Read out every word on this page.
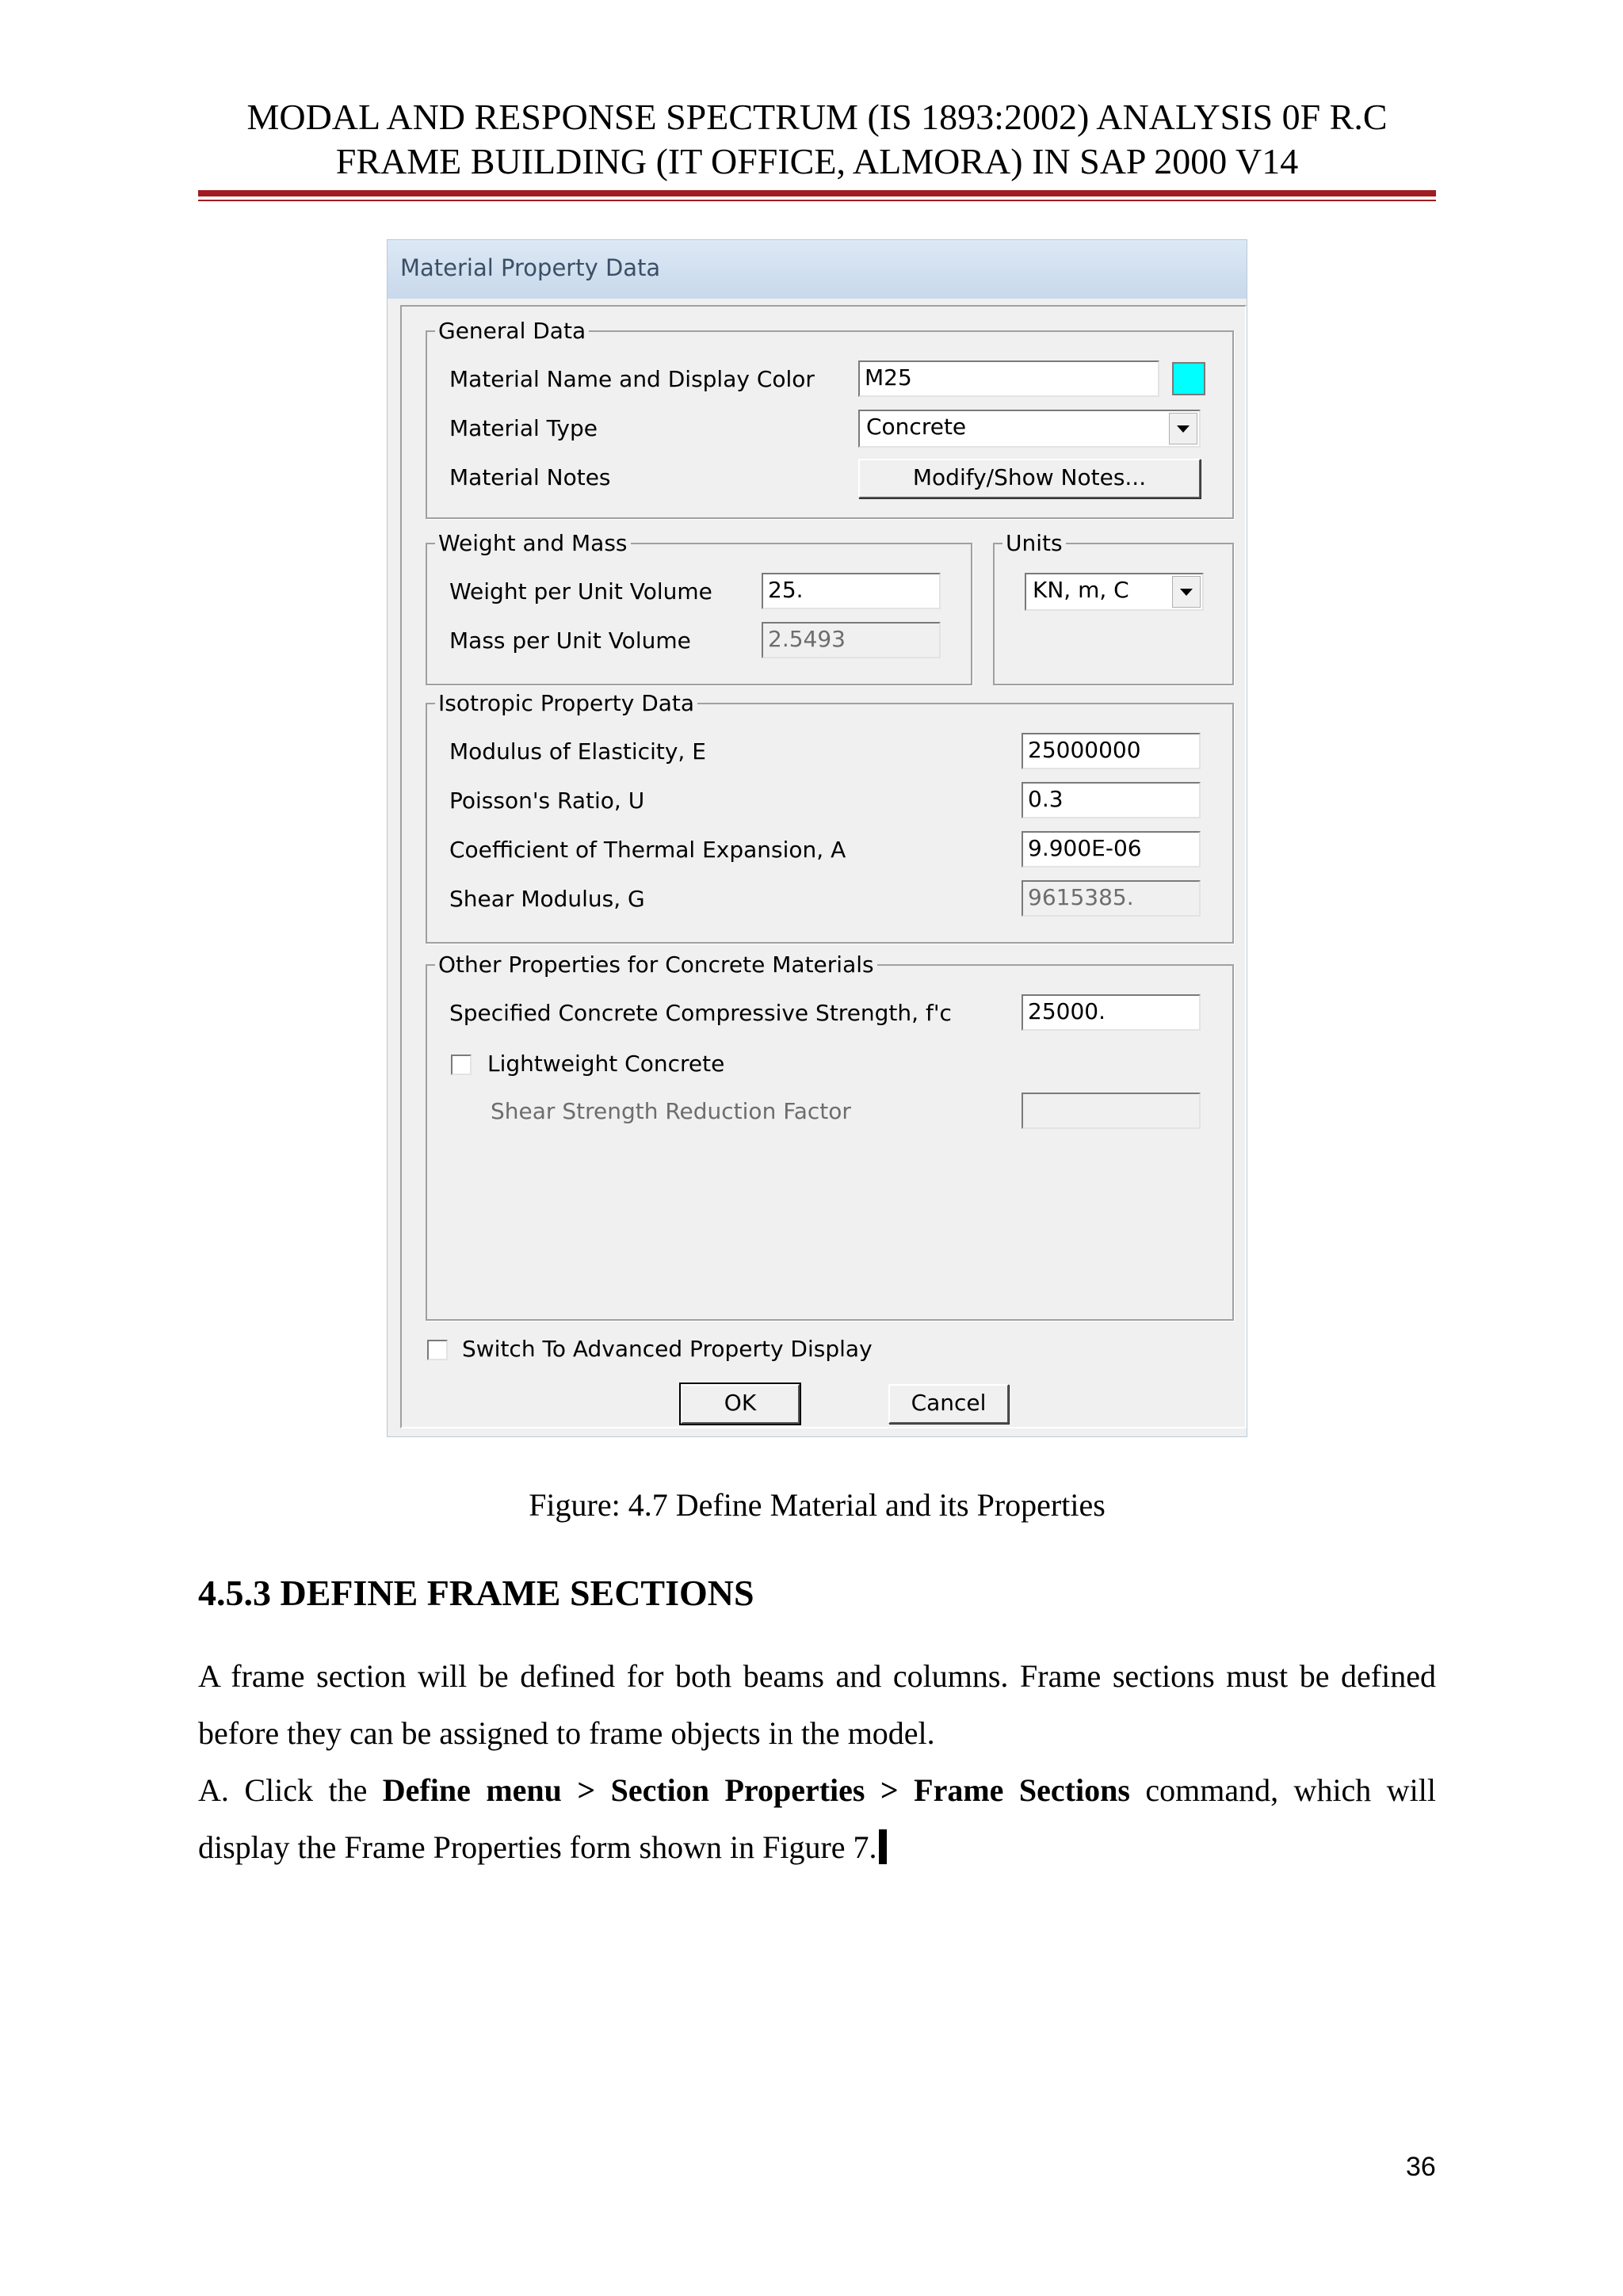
MODAL AND RESPONSE SPECTRUM (IS 1893:2002) ANALYSIS 0F R.C
FRAME BUILDING (IT OFFICE, ALMORA) IN SAP 2000 V14
Material Property Data
General Data
Material Name and Display Color M25
Material Type	Concrete
Material Notes	Modify/Show Notes...
Weight and Mass
Weight per Unit Volume	25.
Mass per Unit Volume	2.5493
Units
KN, m, C
Isotropic Property Data
Modulus of Elasticity, E	25000000
Poisson's Ratio, U	0.3
Coefficient of Thermal Expansion, A	9.900E-06
Shear Modulus, G	9615385.
Other Properties for Concrete Materials
Specified Concrete Compressive Strength, f'c	25000.
Lightweight Concrete
Shear Strength Reduction Factor
Switch To Advanced Property Display
OK	Cancel
Figure: 4.7 Define Material and its Properties
4.5.3 DEFINE FRAME SECTIONS
A frame section will be defined for both beams and columns. Frame sections must be defined before they can be assigned to frame objects in the model.
A. Click the Define menu > Section Properties > Frame Sections command, which will display the Frame Properties form shown in Figure 7.
36
